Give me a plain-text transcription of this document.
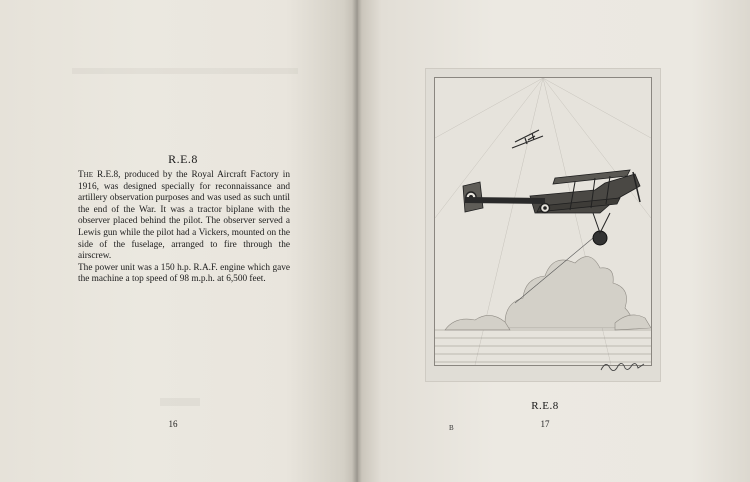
R.E.8

The R.E.8, produced by the Royal Aircraft Factory in 1916, was designed specially for reconnaissance and artillery observation purposes and was used as such until the end of the War. It was a tractor biplane with the observer placed behind the pilot. The observer served a Lewis gun while the pilot had a Vickers, mounted on the side of the fuselage, arranged to fire through the airscrew.

The power unit was a 150 h.p. R.A.F. engine which gave the machine a top speed of 98 m.p.h. at 6,500 feet.

16
R.E.8
B	17
